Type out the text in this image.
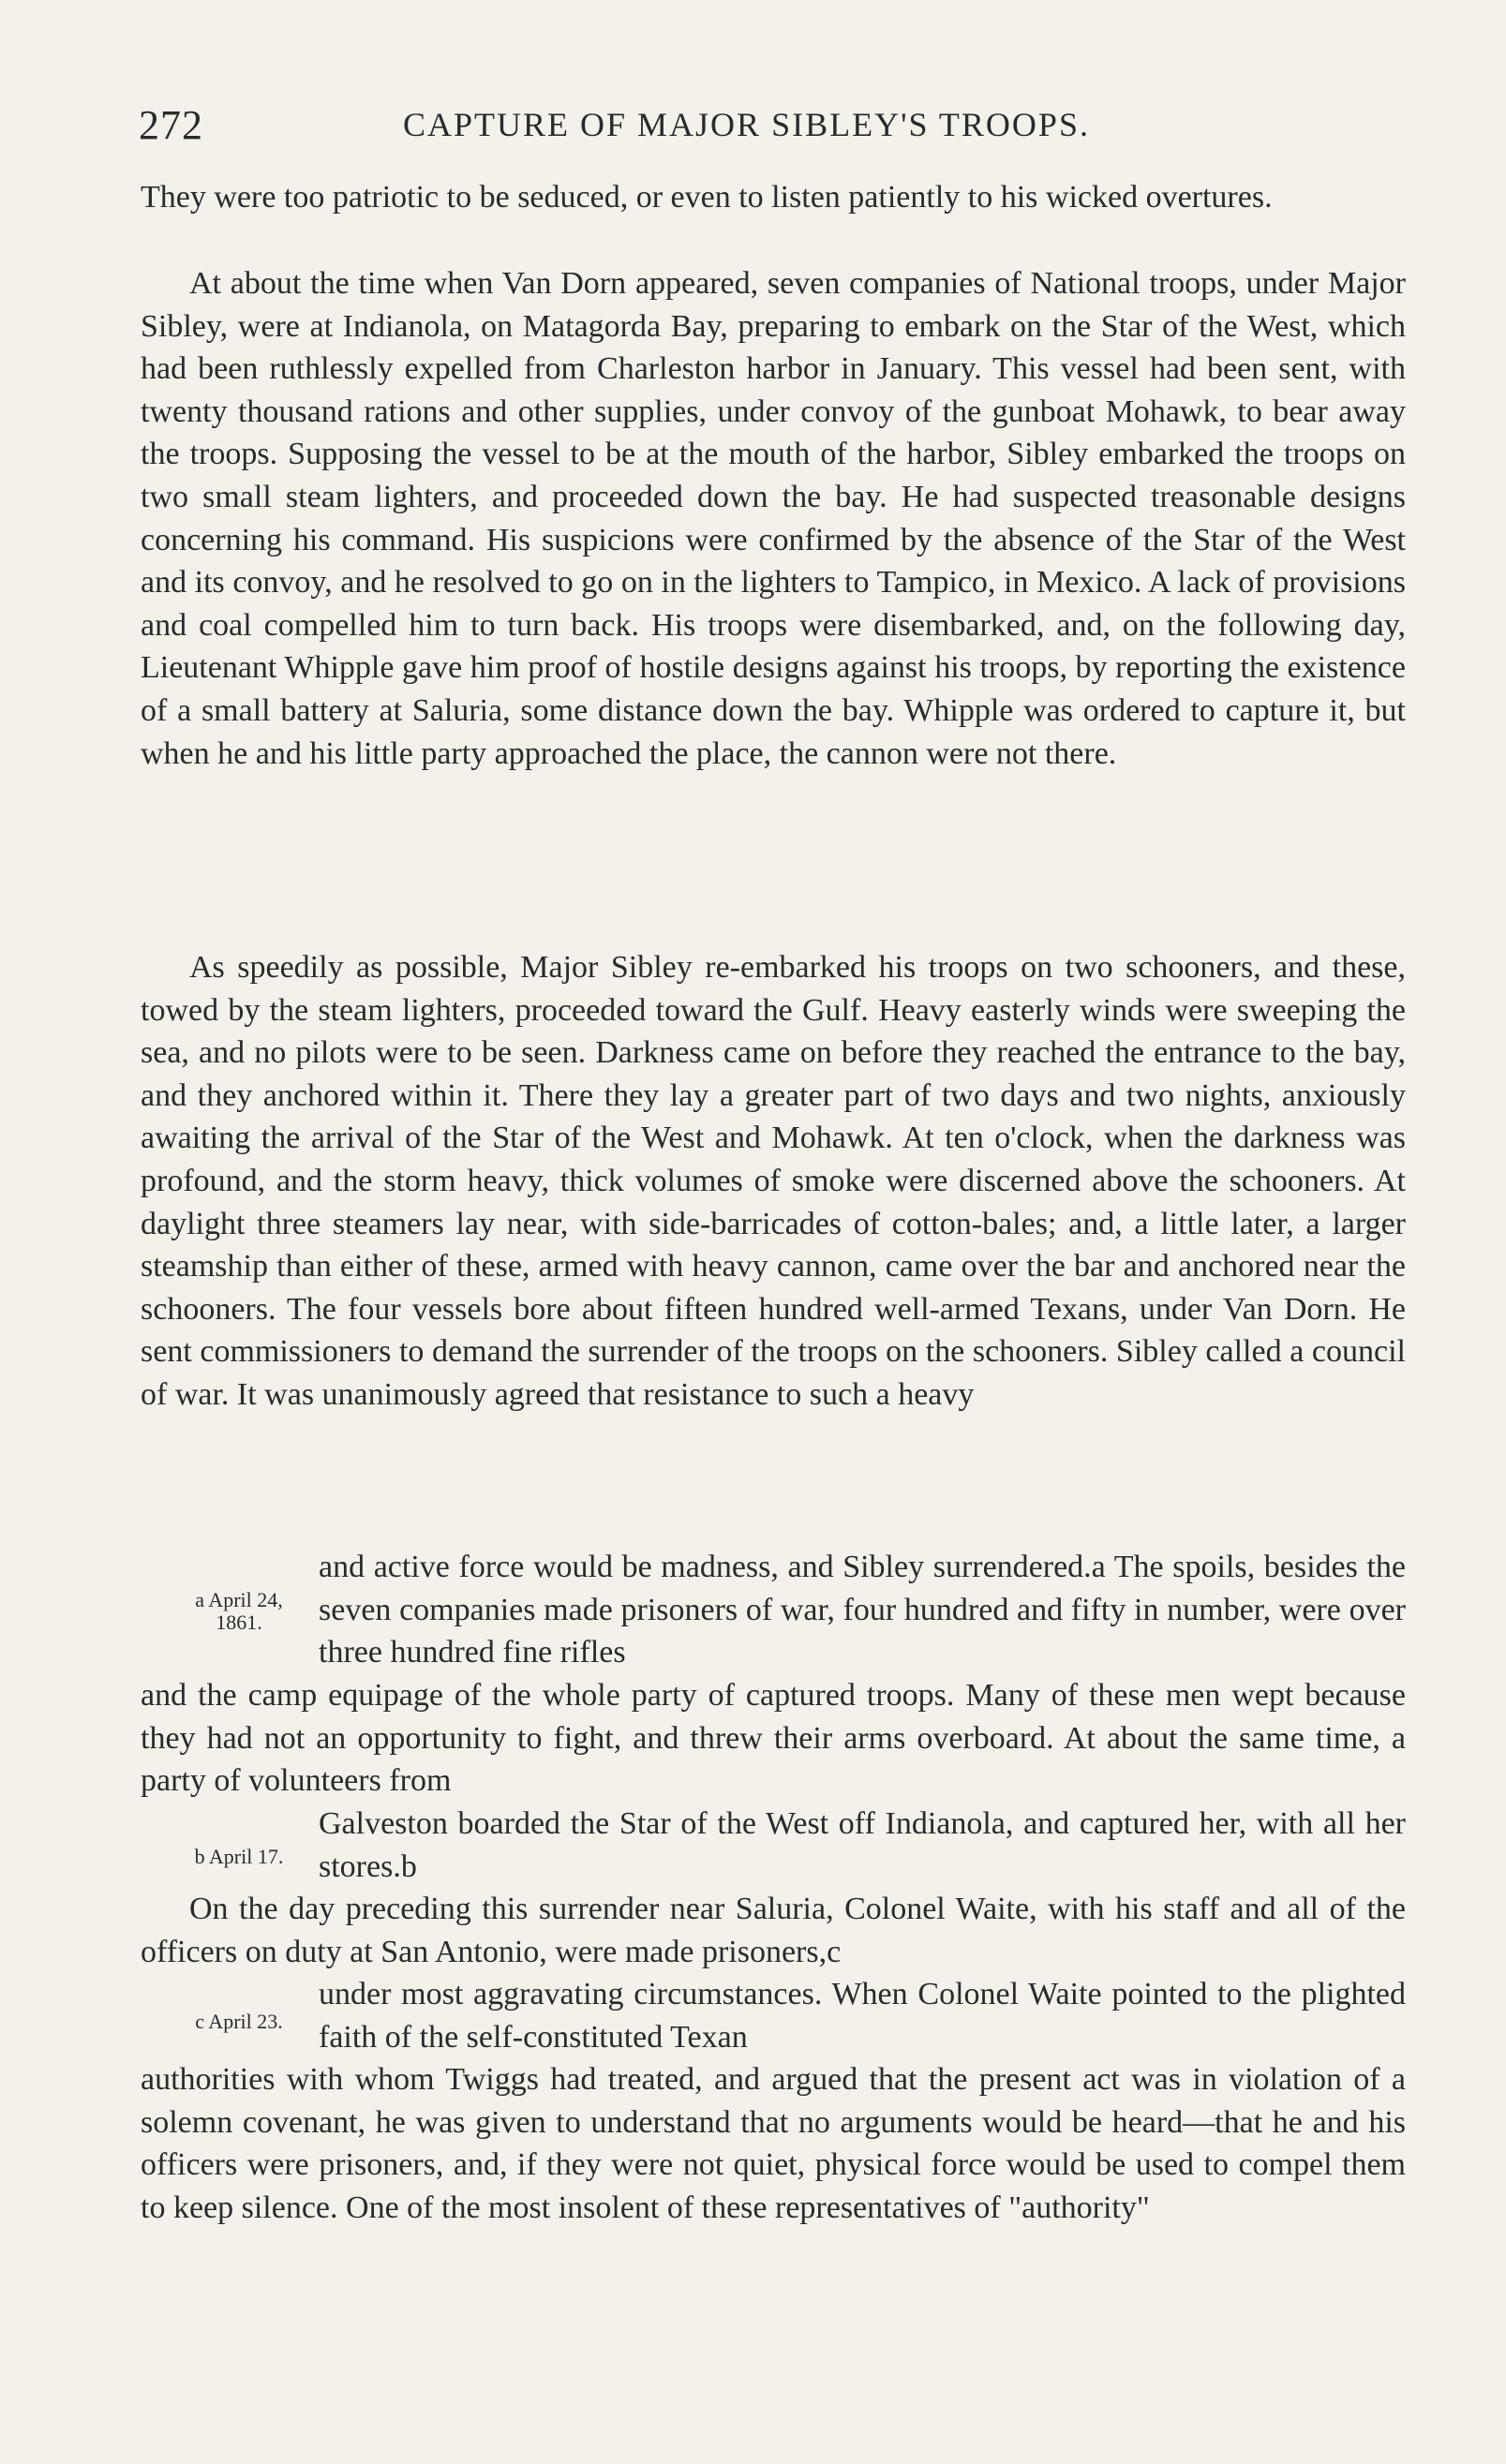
272	CAPTURE OF MAJOR SIBLEY'S TROOPS.

They were too patriotic to be seduced, or even to listen patiently to his wicked overtures.

At about the time when Van Dorn appeared, seven companies of National troops, under Major Sibley, were at Indianola, on Matagorda Bay, preparing to embark on the Star of the West, which had been ruthlessly expelled from Charleston harbor in January. This vessel had been sent, with twenty thousand rations and other supplies, under convoy of the gunboat Mohawk, to bear away the troops. Supposing the vessel to be at the mouth of the harbor, Sibley embarked the troops on two small steam lighters, and proceeded down the bay. He had suspected treasonable designs concerning his command. His suspicions were confirmed by the absence of the Star of the West and its convoy, and he resolved to go on in the lighters to Tampico, in Mexico. A lack of provisions and coal compelled him to turn back. His troops were disembarked, and, on the following day, Lieutenant Whipple gave him proof of hostile designs against his troops, by reporting the existence of a small battery at Saluria, some distance down the bay. Whipple was ordered to capture it, but when he and his little party approached the place, the cannon were not there.

As speedily as possible, Major Sibley re-embarked his troops on two schooners, and these, towed by the steam lighters, proceeded toward the Gulf. Heavy easterly winds were sweeping the sea, and no pilots were to be seen. Darkness came on before they reached the entrance to the bay, and they anchored within it. There they lay a greater part of two days and two nights, anxiously awaiting the arrival of the Star of the West and Mohawk. At ten o'clock, when the darkness was profound, and the storm heavy, thick volumes of smoke were discerned above the schooners. At daylight three steamers lay near, with side-barricades of cotton-bales; and, a little later, a larger steamship than either of these, armed with heavy cannon, came over the bar and anchored near the schooners. The four vessels bore about fifteen hundred well-armed Texans, under Van Dorn. He sent commissioners to demand the surrender of the troops on the schooners. Sibley called a council of war. It was unanimously agreed that resistance to such a heavy

and active force would be madness, and Sibley surrendered.a The spoils, besides the seven companies made prisoners of war, four hundred and fifty in number, were over three hundred fine rifles

and the camp equipage of the whole party of captured troops. Many of these men wept because they had not an opportunity to fight, and threw their arms overboard. At about the same time, a party of volunteers from

Galveston boarded the Star of the West off Indianola, and captured her, with all her stores.b

On the day preceding this surrender near Saluria, Colonel Waite, with his staff and all of the officers on duty at San Antonio, were made prisoners,c

under most aggravating circumstances. When Colonel Waite pointed to the plighted faith of the self-constituted Texan

authorities with whom Twiggs had treated, and argued that the present act was in violation of a solemn covenant, he was given to understand that no arguments would be heard—that he and his officers were prisoners, and, if they were not quiet, physical force would be used to compel them to keep silence. One of the most insolent of these representatives of "authority"

a April 24, 1861.
b April 17.
c April 23.
